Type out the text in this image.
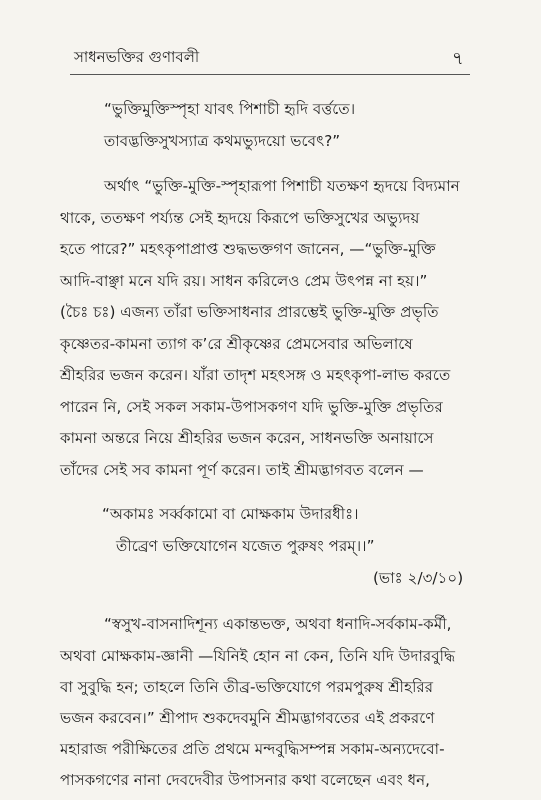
সাধনভক্তির গুণাবলী	৭
“ভুক্তিমুক্তিস্পৃহা যাবৎ পিশাচী হৃদি বর্ত্ততে।
তাবদ্ভক্তিসুখস্যাত্র কথমভ্যুদয়ো ভবেৎ?”
অর্থাৎ “ভুক্তি-মুক্তি-স্পৃহারূপা পিশাচী যতক্ষণ হৃদয়ে বিদ্যমান
থাকে, ততক্ষণ পর্য্যন্ত সেই হৃদয়ে কিরূপে ভক্তিসুখের অভ্যুদয়
হতে পারে?” মহৎকৃপাপ্রাপ্ত শুদ্ধভক্তগণ জানেন, —“ভুক্তি-মুক্তি
আদি-বাঞ্ছা মনে যদি রয়। সাধন করিলেও প্রেম উৎপন্ন না হয়।”
(চৈঃ চঃ) এজন্য তাঁরা ভক্তিসাধনার প্রারম্ভেই ভুক্তি-মুক্তি প্রভৃতি
কৃষ্ণেতর-কামনা ত্যাগ ক’রে শ্রীকৃষ্ণের প্রেমসেবার অভিলাষে
শ্রীহরির ভজন করেন। যাঁরা তাদৃশ মহৎসঙ্গ ও মহৎকৃপা-লাভ করতে
পারেন নি, সেই সকল সকাম-উপাসকগণ যদি ভুক্তি-মুক্তি প্রভৃতির
কামনা অন্তরে নিয়ে শ্রীহরির ভজন করেন, সাধনভক্তি অনায়াসে
তাঁদের সেই সব কামনা পূর্ণ করেন। তাই শ্রীমদ্ভাগবত বলেন —
“অকামঃ সর্ব্বকামো বা মোক্ষকাম উদারধীঃ।
তীব্রেণ ভক্তিযোগেন যজেত পুরুষং পরম্।।”
(ভাঃ ২/৩/১০)
“স্বসুখ-বাসনাদিশূন্য একান্তভক্ত, অথবা ধনাদি-সর্বকাম-কর্মী,
অথবা মোক্ষকাম-জ্ঞানী —যিনিই হোন না কেন, তিনি যদি উদারবুদ্ধি
বা সুবুদ্ধি হন; তাহলে তিনি তীব্র-ভক্তিযোগে পরমপুরুষ শ্রীহরির
ভজন করবেন।” শ্রীপাদ শুকদেবমুনি শ্রীমদ্ভাগবতের এই প্রকরণে
মহারাজ পরীক্ষিতের প্রতি প্রথমে মন্দবুদ্ধিসম্পন্ন সকাম-অন্যদেবো-
পাসকগণের নানা দেবদেবীর উপাসনার কথা বলেছেন এবং ধন,
